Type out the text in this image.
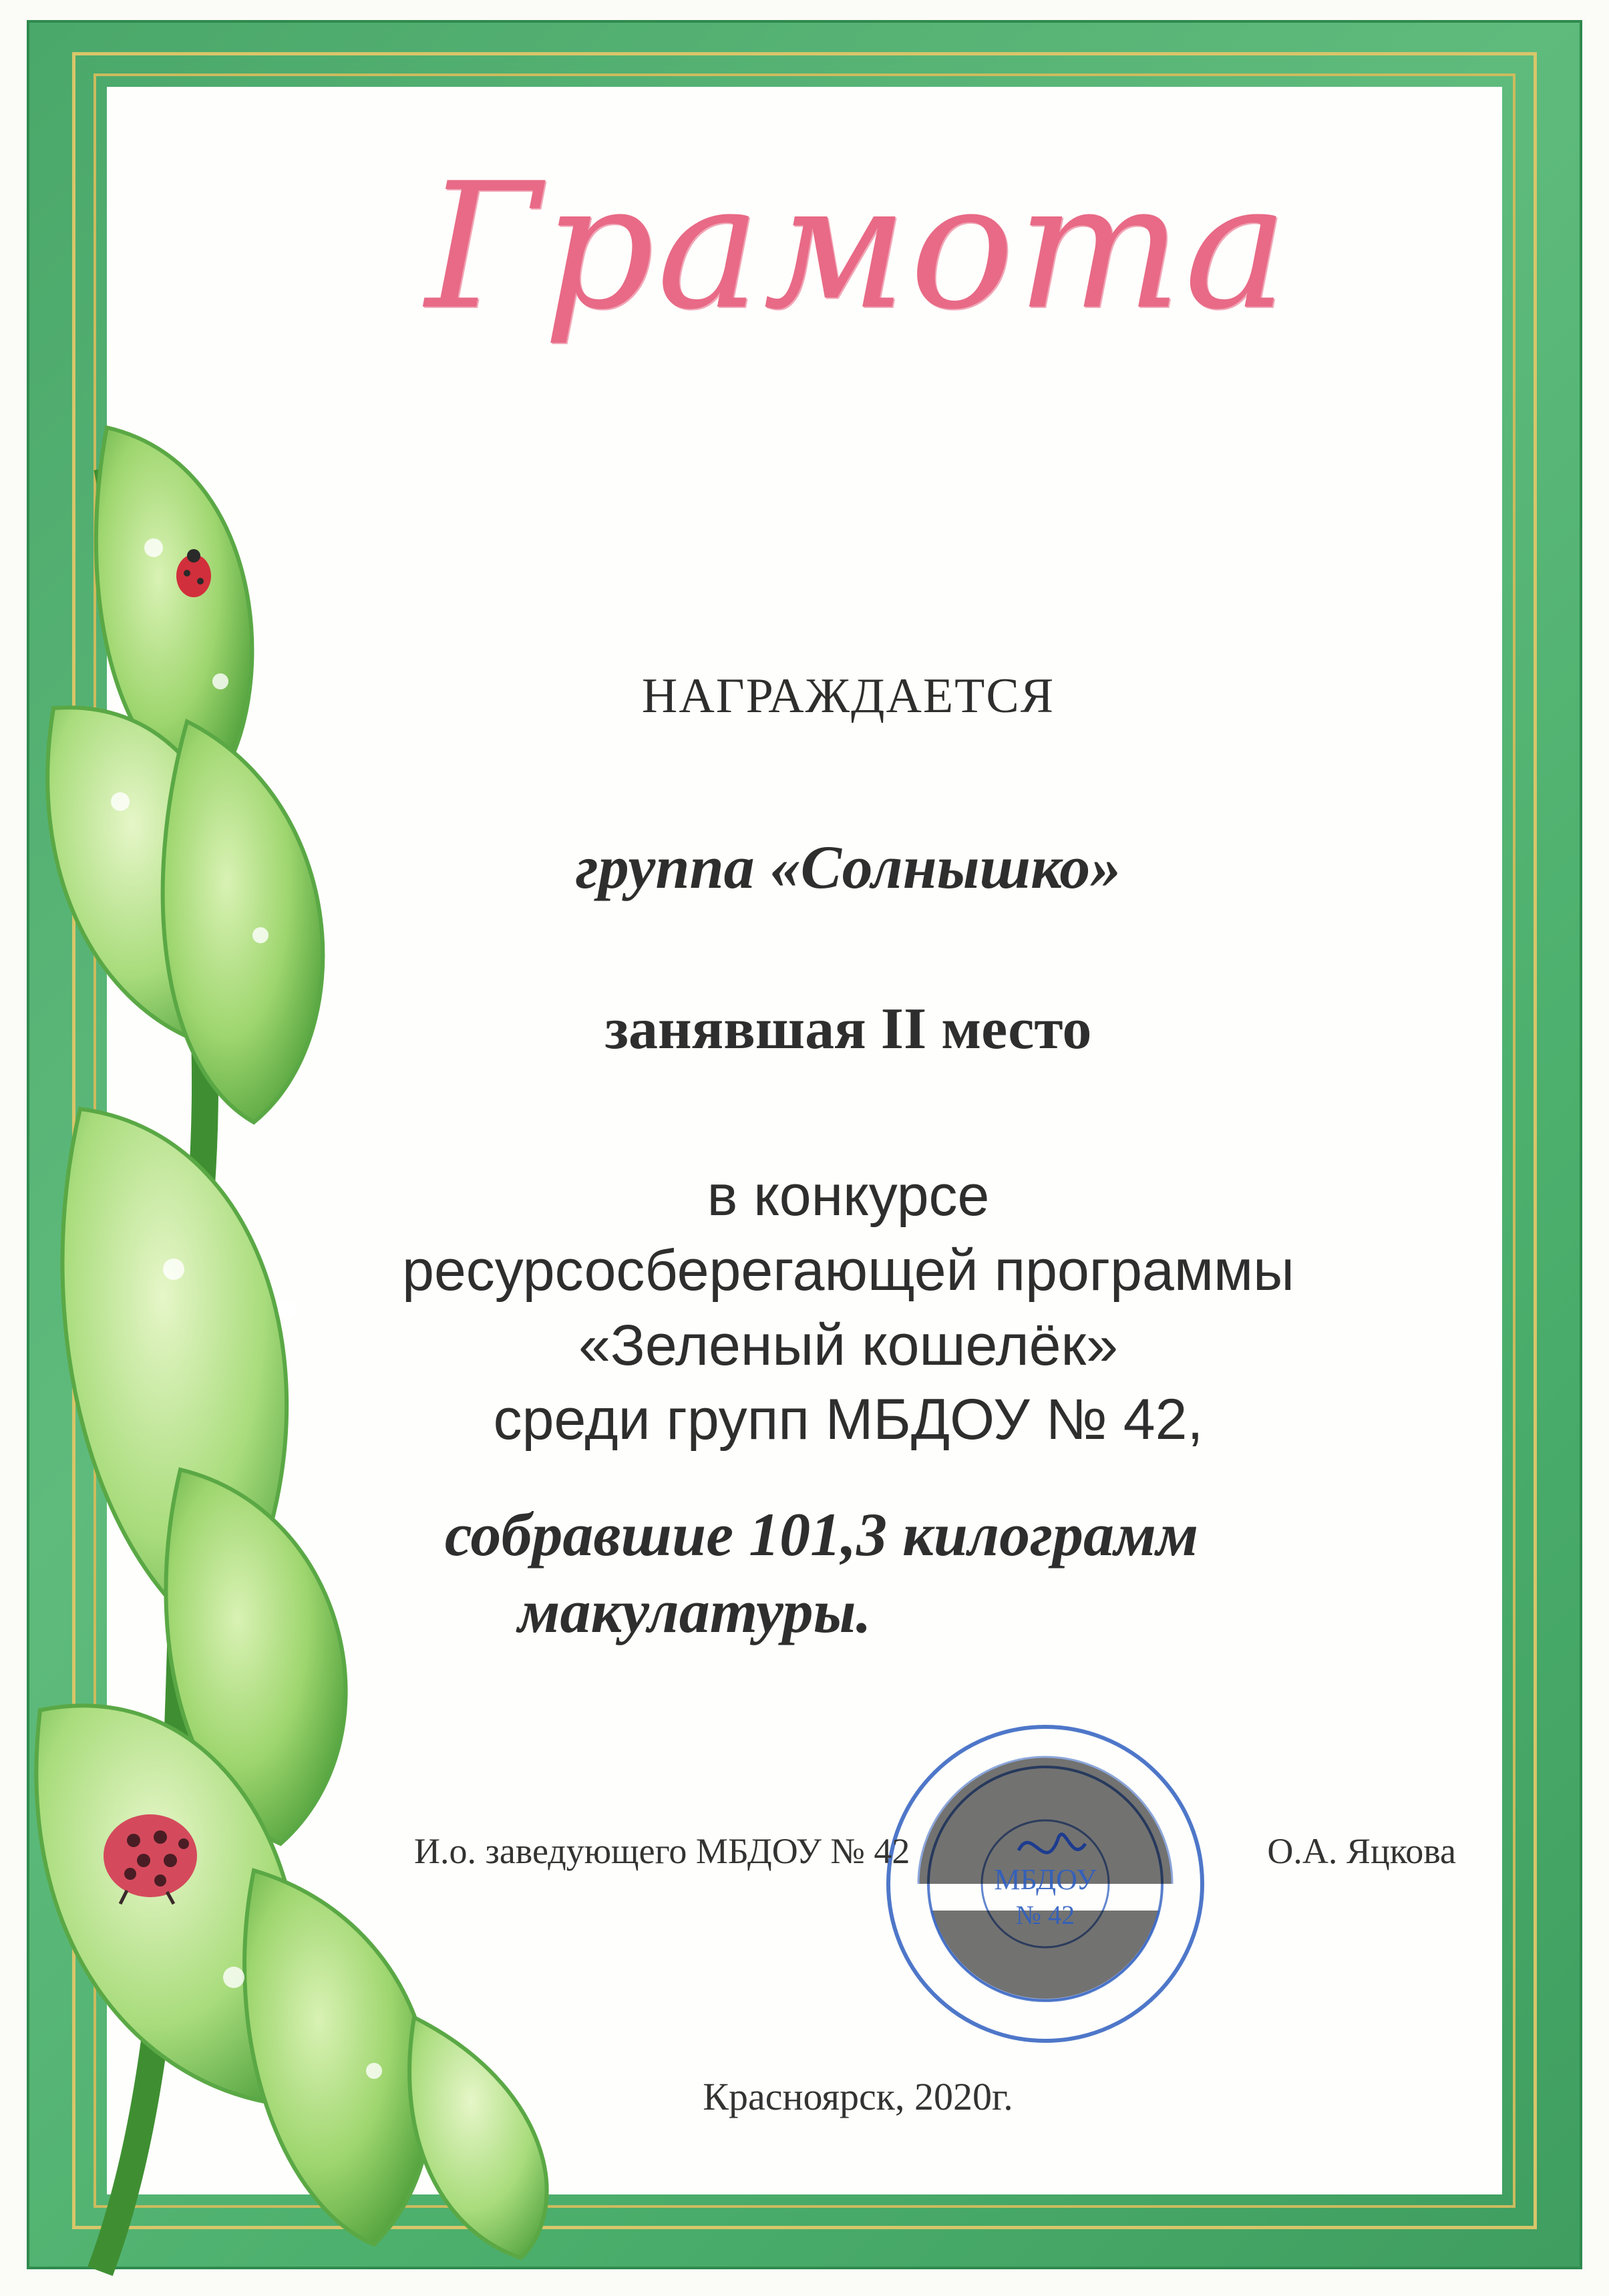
Грамота
НАГРАЖДАЕТСЯ
группа «Солнышко»
занявшая II место
в конкурсе
ресурсосберегающей программы
«Зеленый кошелёк»
среди групп МБДОУ № 42,
собравшие 101,3 килограмм
макулатуры.
МБДОУ
№ 42
И.о. заведующего МБДОУ № 42	О.А. Яцкова
Красноярск, 2020г.
